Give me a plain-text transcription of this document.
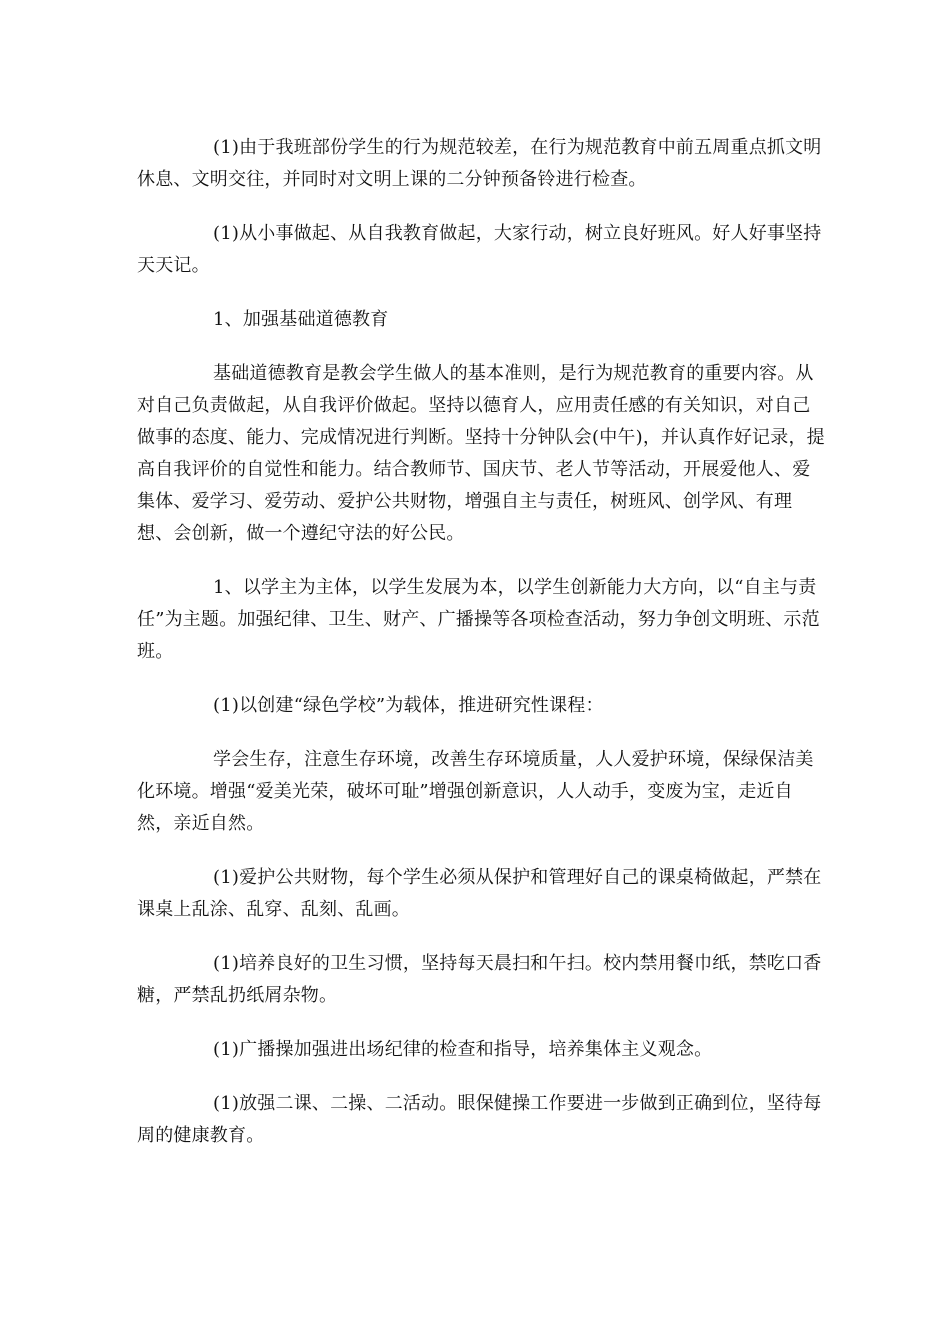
(1)由于我班部份学生的行为规范较差，在行为规范教育中前五周重点抓文明休息、文明交往，并同时对文明上课的二分钟预备铃进行检查。

(1)从小事做起、从自我教育做起，大家行动，树立良好班风。好人好事坚持天天记。

1、加强基础道德教育

基础道德教育是教会学生做人的基本准则，是行为规范教育的重要内容。从对自己负责做起，从自我评价做起。坚持以德育人，应用责任感的有关知识，对自己做事的态度、能力、完成情况进行判断。坚持十分钟队会(中午)，并认真作好记录，提高自我评价的自觉性和能力。结合教师节、国庆节、老人节等活动，开展爱他人、爱集体、爱学习、爱劳动、爱护公共财物，增强自主与责任，树班风、创学风、有理想、会创新，做一个遵纪守法的好公民。

1、以学主为主体，以学生发展为本，以学生创新能力大方向，以“自主与责任”为主题。加强纪律、卫生、财产、广播操等各项检查活动，努力争创文明班、示范班。

(1)以创建“绿色学校”为载体，推进研究性课程：

学会生存，注意生存环境，改善生存环境质量，人人爱护环境，保绿保洁美化环境。增强“爱美光荣，破坏可耻”增强创新意识，人人动手，变废为宝，走近自然，亲近自然。

(1)爱护公共财物，每个学生必须从保护和管理好自己的课桌椅做起，严禁在课桌上乱涂、乱穿、乱刻、乱画。

(1)培养良好的卫生习惯，坚持每天晨扫和午扫。校内禁用餐巾纸，禁吃口香糖，严禁乱扔纸屑杂物。

(1)广播操加强进出场纪律的检查和指导，培养集体主义观念。

(1)放强二课、二操、二活动。眼保健操工作要进一步做到正确到位，坚待每周的健康教育。
